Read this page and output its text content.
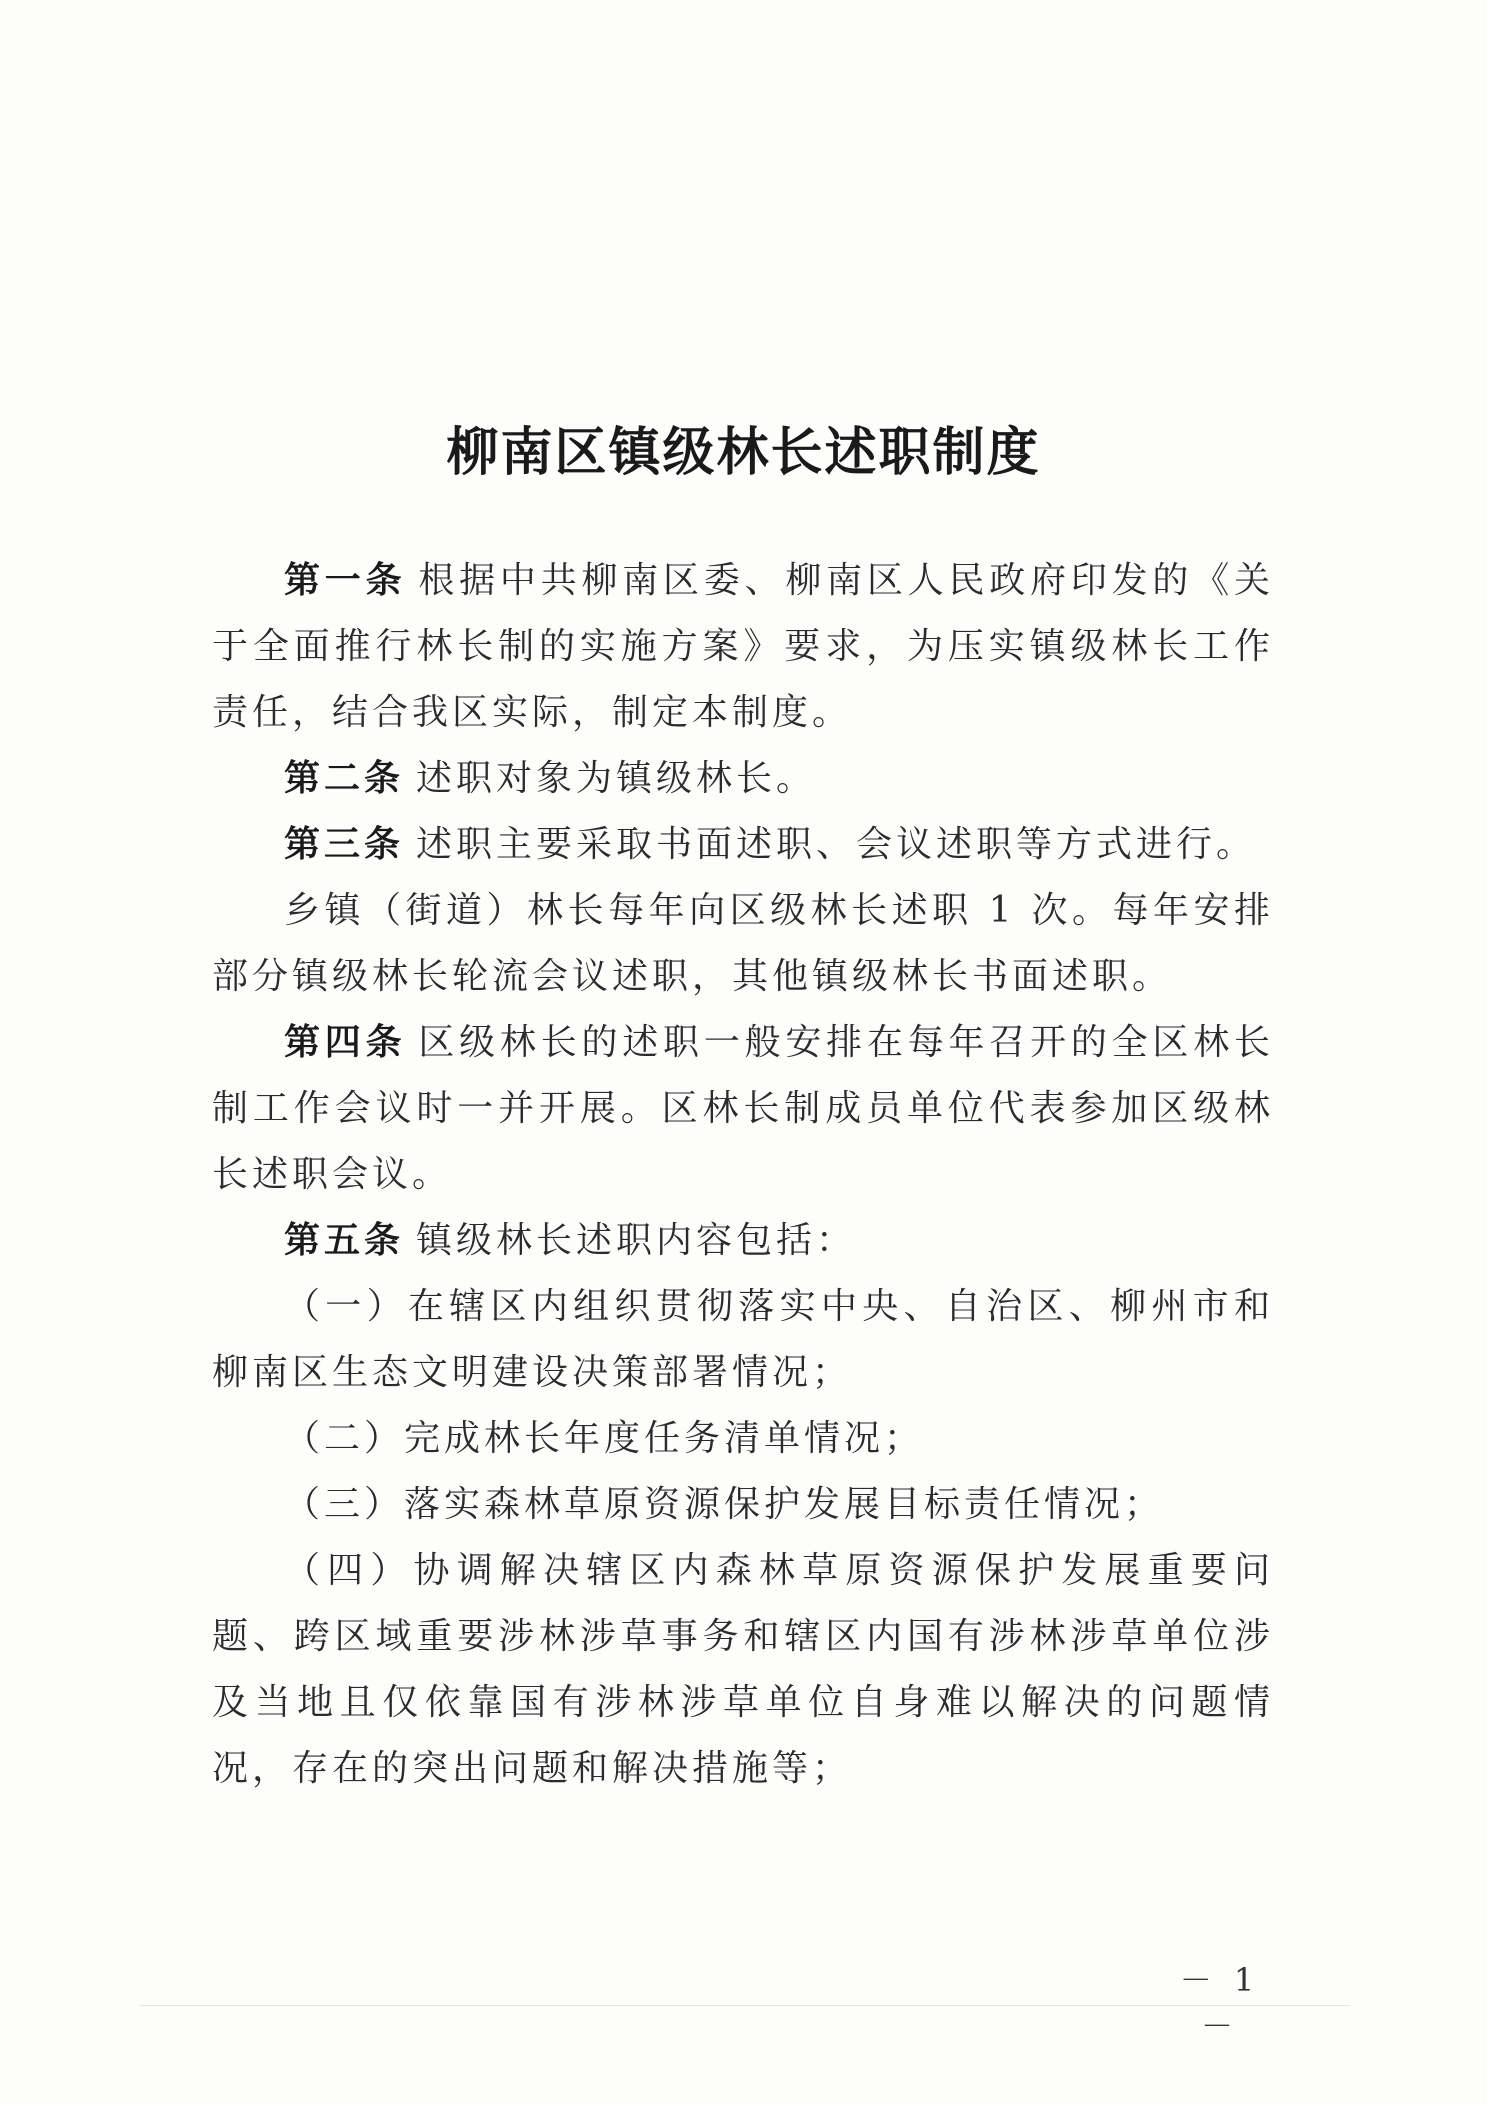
柳南区镇级林长述职制度

第一条 根据中共柳南区委、柳南区人民政府印发的《关于全面推行林长制的实施方案》要求，为压实镇级林长工作责任，结合我区实际，制定本制度。

第二条 述职对象为镇级林长。

第三条 述职主要采取书面述职、会议述职等方式进行。

乡镇（街道）林长每年向区级林长述职 1 次。每年安排部分镇级林长轮流会议述职，其他镇级林长书面述职。

第四条 区级林长的述职一般安排在每年召开的全区林长制工作会议时一并开展。区林长制成员单位代表参加区级林长述职会议。

第五条 镇级林长述职内容包括：

（一）在辖区内组织贯彻落实中央、自治区、柳州市和柳南区生态文明建设决策部署情况；

（二）完成林长年度任务清单情况；

（三）落实森林草原资源保护发展目标责任情况；

（四）协调解决辖区内森林草原资源保护发展重要问题、跨区域重要涉林涉草事务和辖区内国有涉林涉草单位涉及当地且仅依靠国有涉林涉草单位自身难以解决的问题情况，存在的突出问题和解决措施等；

－ 1 －
